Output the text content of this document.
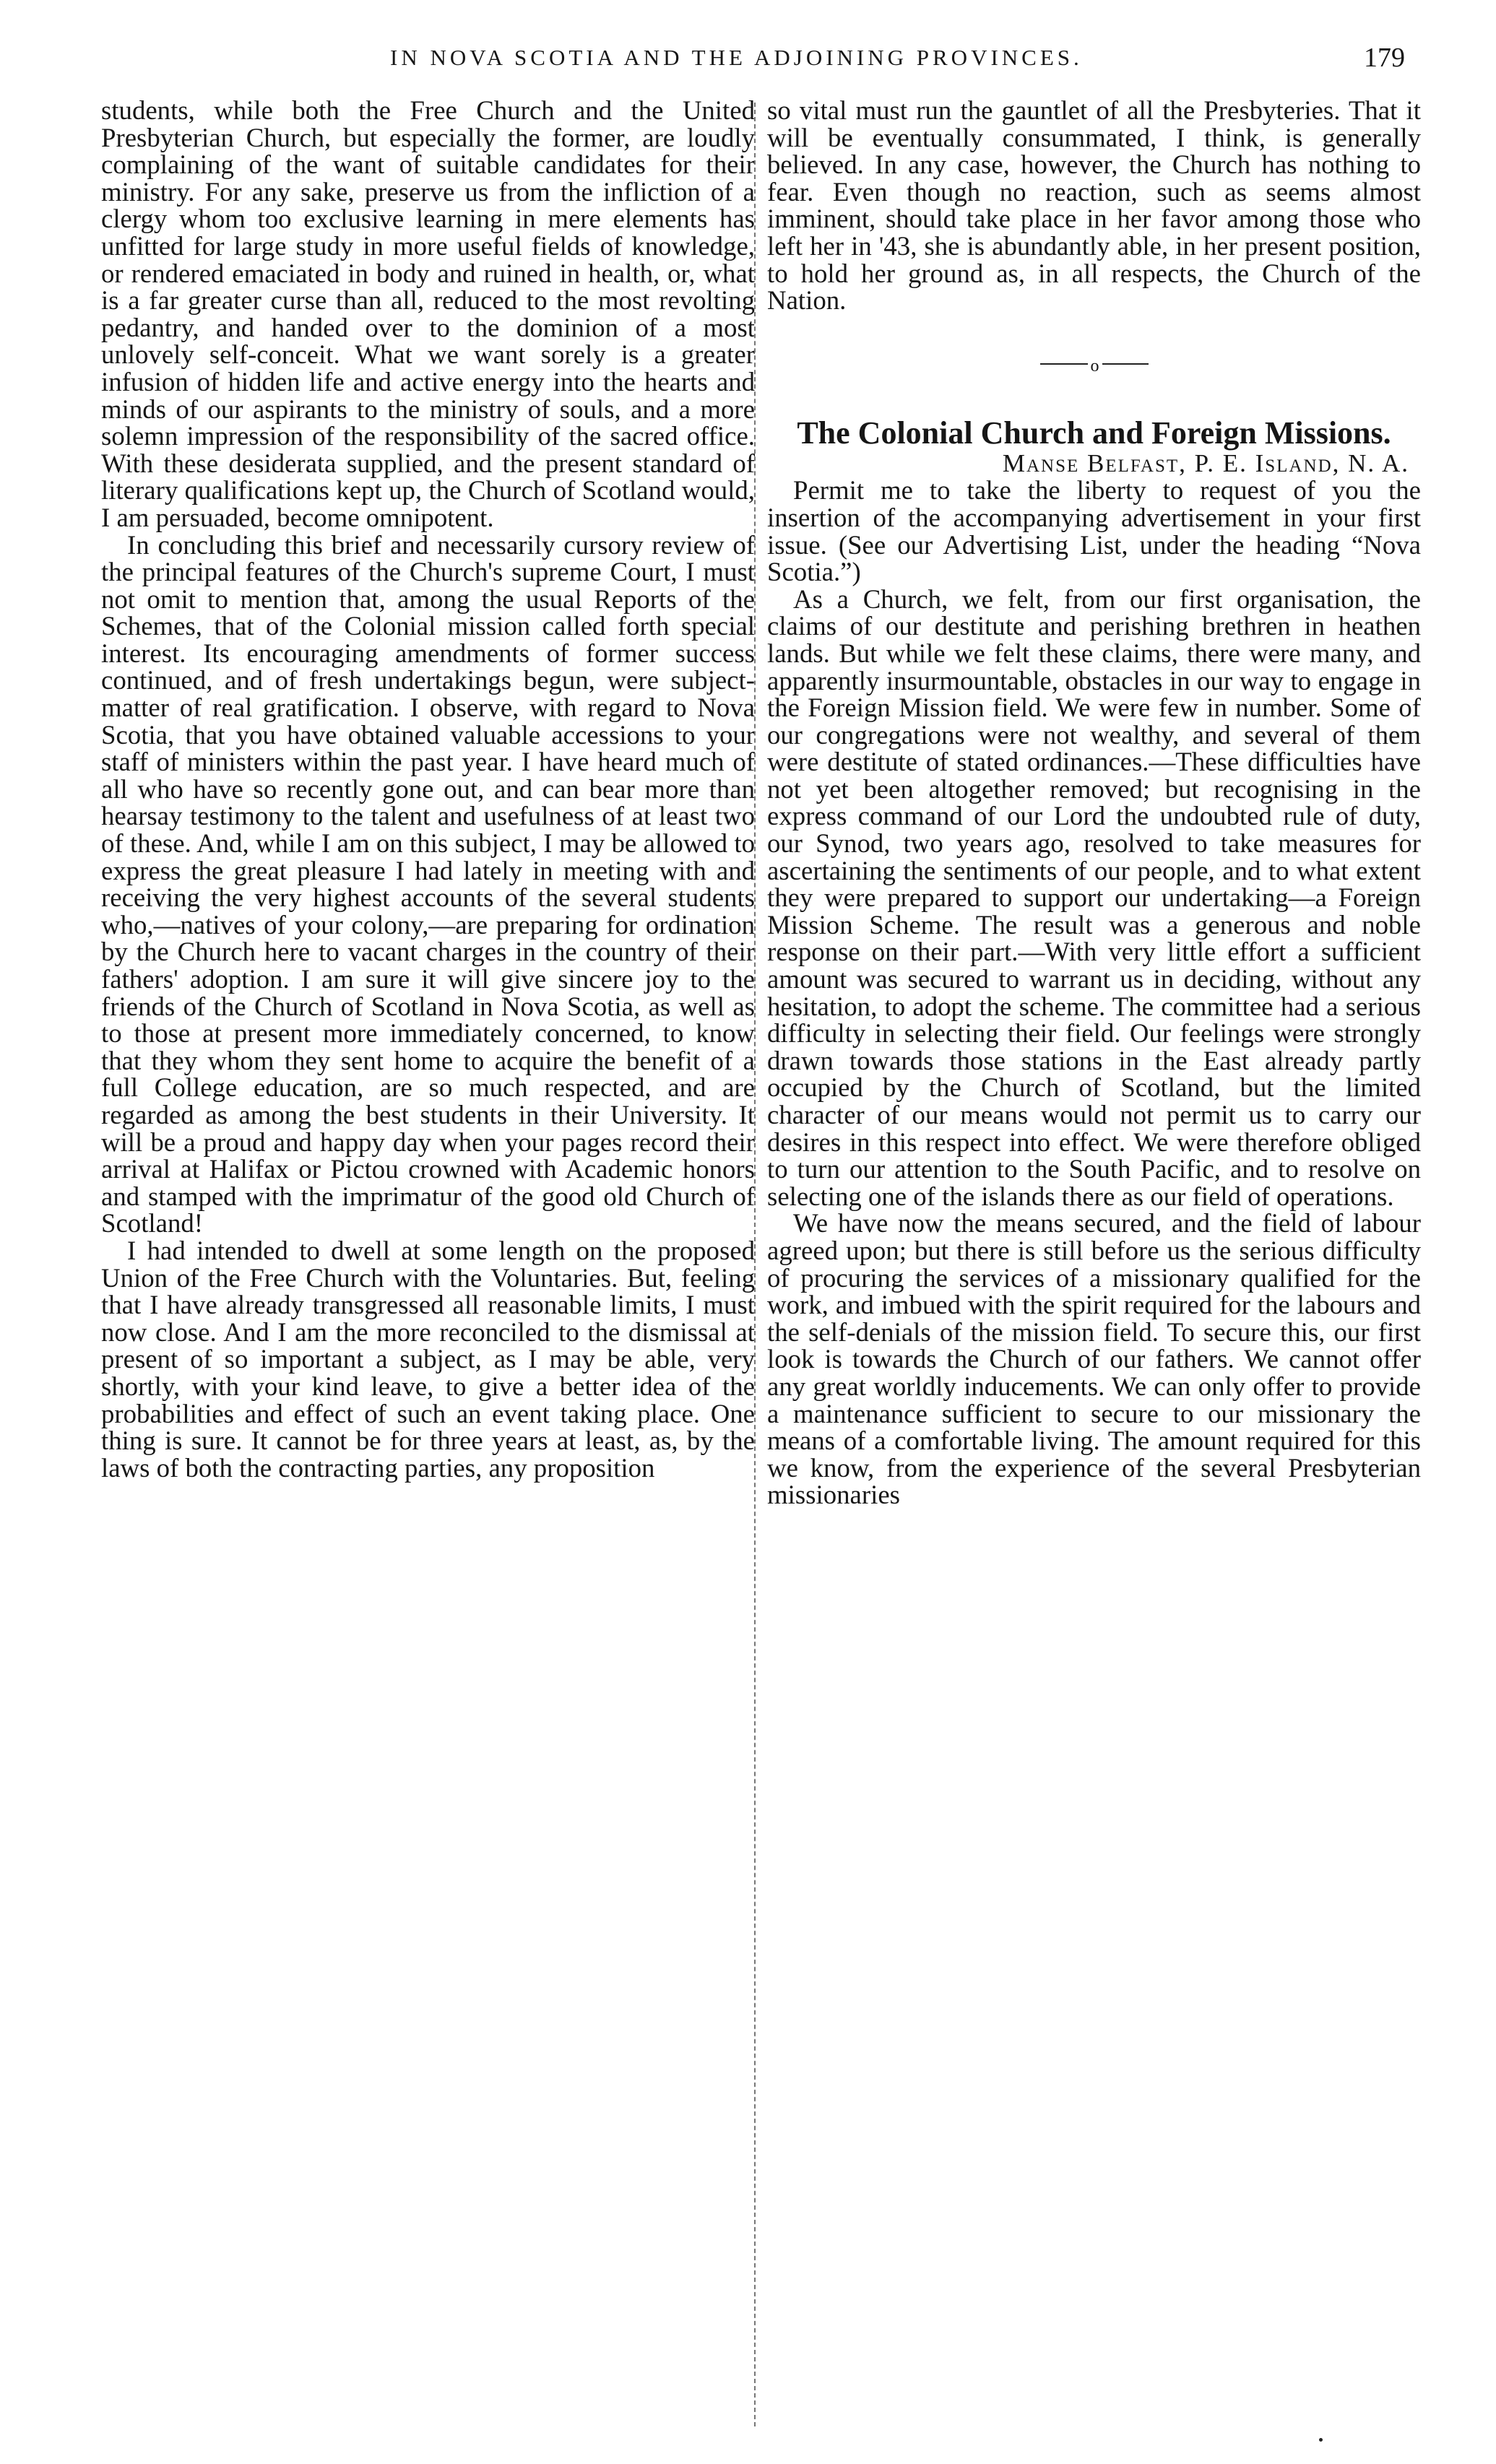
IN NOVA SCOTIA AND THE ADJOINING PROVINCES.	179

students, while both the Free Church and the United Presbyterian Church, but especially the former, are loudly complaining of the want of suitable candidates for their ministry. For any sake, preserve us from the infliction of a clergy whom too exclusive learning in mere elements has unfitted for large study in more useful fields of knowledge, or rendered emaciated in body and ruined in health, or, what is a far greater curse than all, reduced to the most revolting pedantry, and handed over to the dominion of a most unlovely self-conceit. What we want sorely is a greater infusion of hidden life and active energy into the hearts and minds of our aspirants to the ministry of souls, and a more solemn impression of the responsibility of the sacred office. With these desiderata supplied, and the present standard of literary qualifications kept up, the Church of Scotland would, I am persuaded, become omnipotent.

In concluding this brief and necessarily cursory review of the principal features of the Church's supreme Court, I must not omit to mention that, among the usual Reports of the Schemes, that of the Colonial mission called forth special interest. Its encouraging amendments of former success continued, and of fresh undertakings begun, were subject-matter of real gratification. I observe, with regard to Nova Scotia, that you have obtained valuable accessions to your staff of ministers within the past year. I have heard much of all who have so recently gone out, and can bear more than hearsay testimony to the talent and usefulness of at least two of these. And, while I am on this subject, I may be allowed to express the great pleasure I had lately in meeting with and receiving the very highest accounts of the several students who,—natives of your colony,—are preparing for ordination by the Church here to vacant charges in the country of their fathers' adoption. I am sure it will give sincere joy to the friends of the Church of Scotland in Nova Scotia, as well as to those at present more immediately concerned, to know that they whom they sent home to acquire the benefit of a full College education, are so much respected, and are regarded as among the best students in their University. It will be a proud and happy day when your pages record their arrival at Halifax or Pictou crowned with Academic honors and stamped with the imprimatur of the good old Church of Scotland!

I had intended to dwell at some length on the proposed Union of the Free Church with the Voluntaries. But, feeling that I have already transgressed all reasonable limits, I must now close. And I am the more reconciled to the dismissal at present of so important a subject, as I may be able, very shortly, with your kind leave, to give a better idea of the probabilities and effect of such an event taking place. One thing is sure. It cannot be for three years at least, as, by the laws of both the contracting parties, any proposition

so vital must run the gauntlet of all the Presbyteries. That it will be eventually consummated, I think, is generally believed. In any case, however, the Church has nothing to fear. Even though no reaction, such as seems almost imminent, should take place in her favor among those who left her in '43, she is abundantly able, in her present position, to hold her ground as, in all respects, the Church of the Nation.

o

The Colonial Church and Foreign Missions.

Manse Belfast, P. E. Island, N. A.

Permit me to take the liberty to request of you the insertion of the accompanying advertisement in your first issue. (See our Advertising List, under the heading “Nova Scotia.”)

As a Church, we felt, from our first organisation, the claims of our destitute and perishing brethren in heathen lands. But while we felt these claims, there were many, and apparently insurmountable, obstacles in our way to engage in the Foreign Mission field. We were few in number. Some of our congregations were not wealthy, and several of them were destitute of stated ordinances.—These difficulties have not yet been altogether removed; but recognising in the express command of our Lord the undoubted rule of duty, our Synod, two years ago, resolved to take measures for ascertaining the sentiments of our people, and to what extent they were prepared to support our undertaking—a Foreign Mission Scheme. The result was a generous and noble response on their part.—With very little effort a sufficient amount was secured to warrant us in deciding, without any hesitation, to adopt the scheme. The committee had a serious difficulty in selecting their field. Our feelings were strongly drawn towards those stations in the East already partly occupied by the Church of Scotland, but the limited character of our means would not permit us to carry our desires in this respect into effect. We were therefore obliged to turn our attention to the South Pacific, and to resolve on selecting one of the islands there as our field of operations.

We have now the means secured, and the field of labour agreed upon; but there is still before us the serious difficulty of procuring the services of a missionary qualified for the work, and imbued with the spirit required for the labours and the self-denials of the mission field. To secure this, our first look is towards the Church of our fathers. We cannot offer any great worldly inducements. We can only offer to provide a maintenance sufficient to secure to our missionary the means of a comfortable living. The amount required for this we know, from the experience of the several Presbyterian missionaries
